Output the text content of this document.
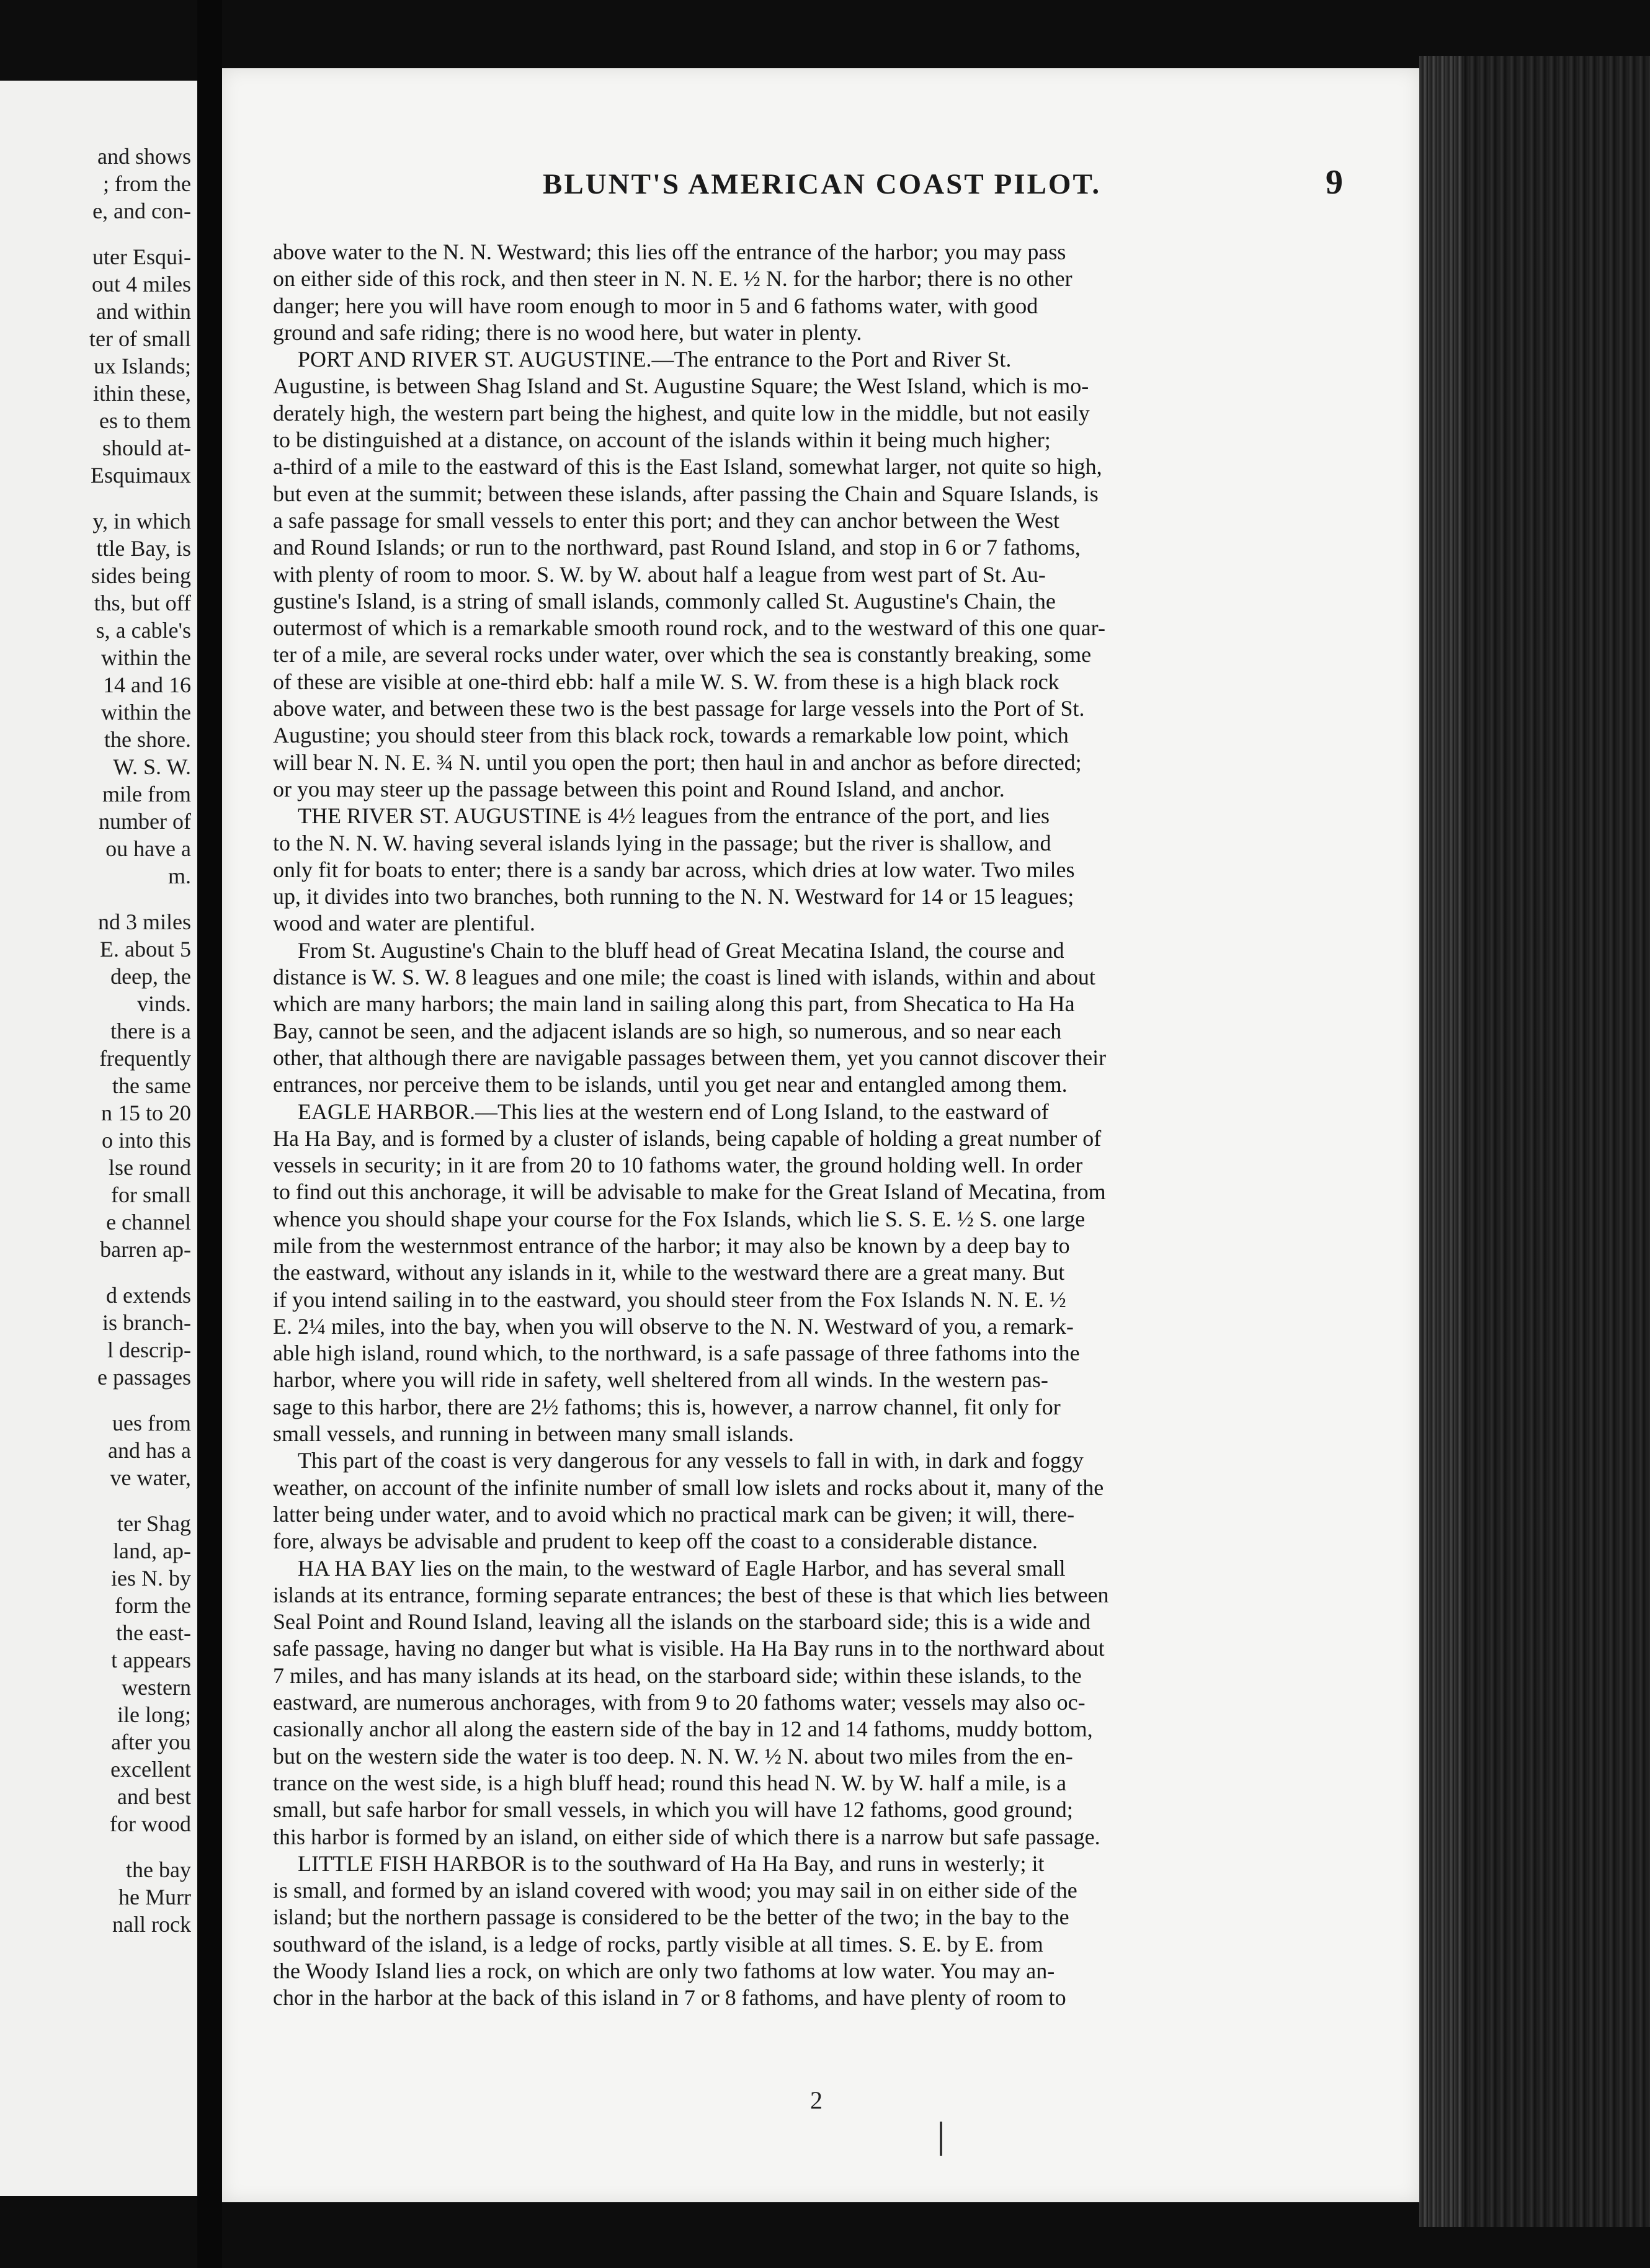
and shows
; from the
e, and con-
uter Esqui-
out 4 miles
and within
ter of small
ux Islands;
ithin these,
es to them
should at-
Esquimaux
y, in which
ttle Bay, is
sides being
ths, but off
s, a cable's
within the
14 and 16
within the
the shore.
W. S. W.
mile from
number of
ou have a
m.
nd 3 miles
E. about 5
deep, the
vinds.
there is a
frequently
the same
n 15 to 20
o into this
lse round
for small
e channel
barren ap-
d extends
is branch-
l descrip-
e passages
ues from
and has a
ve water,
ter Shag
land, ap-
ies N. by
form the
the east-
t appears
western
ile long;
after you
excellent
and best
for wood
the bay
he Murr
nall rock
BLUNT'S AMERICAN COAST PILOT.	9
above water to the N. N. Westward; this lies off the entrance of the harbor; you may pass
on either side of this rock, and then steer in N. N. E. ½ N. for the harbor; there is no other
danger; here you will have room enough to moor in 5 and 6 fathoms water, with good
ground and safe riding; there is no wood here, but water in plenty.
PORT AND RIVER ST. AUGUSTINE.—The entrance to the Port and River St.
Augustine, is between Shag Island and St. Augustine Square; the West Island, which is mo-
derately high, the western part being the highest, and quite low in the middle, but not easily
to be distinguished at a distance, on account of the islands within it being much higher;
a-third of a mile to the eastward of this is the East Island, somewhat larger, not quite so high,
but even at the summit; between these islands, after passing the Chain and Square Islands, is
a safe passage for small vessels to enter this port; and they can anchor between the West
and Round Islands; or run to the northward, past Round Island, and stop in 6 or 7 fathoms,
with plenty of room to moor. S. W. by W. about half a league from west part of St. Au-
gustine's Island, is a string of small islands, commonly called St. Augustine's Chain, the
outermost of which is a remarkable smooth round rock, and to the westward of this one quar-
ter of a mile, are several rocks under water, over which the sea is constantly breaking, some
of these are visible at one-third ebb: half a mile W. S. W. from these is a high black rock
above water, and between these two is the best passage for large vessels into the Port of St.
Augustine; you should steer from this black rock, towards a remarkable low point, which
will bear N. N. E. ¾ N. until you open the port; then haul in and anchor as before directed;
or you may steer up the passage between this point and Round Island, and anchor.
THE RIVER ST. AUGUSTINE is 4½ leagues from the entrance of the port, and lies
to the N. N. W. having several islands lying in the passage; but the river is shallow, and
only fit for boats to enter; there is a sandy bar across, which dries at low water. Two miles
up, it divides into two branches, both running to the N. N. Westward for 14 or 15 leagues;
wood and water are plentiful.
From St. Augustine's Chain to the bluff head of Great Mecatina Island, the course and
distance is W. S. W. 8 leagues and one mile; the coast is lined with islands, within and about
which are many harbors; the main land in sailing along this part, from Shecatica to Ha Ha
Bay, cannot be seen, and the adjacent islands are so high, so numerous, and so near each
other, that although there are navigable passages between them, yet you cannot discover their
entrances, nor perceive them to be islands, until you get near and entangled among them.
EAGLE HARBOR.—This lies at the western end of Long Island, to the eastward of
Ha Ha Bay, and is formed by a cluster of islands, being capable of holding a great number of
vessels in security; in it are from 20 to 10 fathoms water, the ground holding well. In order
to find out this anchorage, it will be advisable to make for the Great Island of Mecatina, from
whence you should shape your course for the Fox Islands, which lie S. S. E. ½ S. one large
mile from the westernmost entrance of the harbor; it may also be known by a deep bay to
the eastward, without any islands in it, while to the westward there are a great many. But
if you intend sailing in to the eastward, you should steer from the Fox Islands N. N. E. ½
E. 2¼ miles, into the bay, when you will observe to the N. N. Westward of you, a remark-
able high island, round which, to the northward, is a safe passage of three fathoms into the
harbor, where you will ride in safety, well sheltered from all winds. In the western pas-
sage to this harbor, there are 2½ fathoms; this is, however, a narrow channel, fit only for
small vessels, and running in between many small islands.
This part of the coast is very dangerous for any vessels to fall in with, in dark and foggy
weather, on account of the infinite number of small low islets and rocks about it, many of the
latter being under water, and to avoid which no practical mark can be given; it will, there-
fore, always be advisable and prudent to keep off the coast to a considerable distance.
HA HA BAY lies on the main, to the westward of Eagle Harbor, and has several small
islands at its entrance, forming separate entrances; the best of these is that which lies between
Seal Point and Round Island, leaving all the islands on the starboard side; this is a wide and
safe passage, having no danger but what is visible. Ha Ha Bay runs in to the northward about
7 miles, and has many islands at its head, on the starboard side; within these islands, to the
eastward, are numerous anchorages, with from 9 to 20 fathoms water; vessels may also oc-
casionally anchor all along the eastern side of the bay in 12 and 14 fathoms, muddy bottom,
but on the western side the water is too deep. N. N. W. ½ N. about two miles from the en-
trance on the west side, is a high bluff head; round this head N. W. by W. half a mile, is a
small, but safe harbor for small vessels, in which you will have 12 fathoms, good ground;
this harbor is formed by an island, on either side of which there is a narrow but safe passage.
LITTLE FISH HARBOR is to the southward of Ha Ha Bay, and runs in westerly; it
is small, and formed by an island covered with wood; you may sail in on either side of the
island; but the northern passage is considered to be the better of the two; in the bay to the
southward of the island, is a ledge of rocks, partly visible at all times. S. E. by E. from
the Woody Island lies a rock, on which are only two fathoms at low water. You may an-
chor in the harbor at the back of this island in 7 or 8 fathoms, and have plenty of room to
2
